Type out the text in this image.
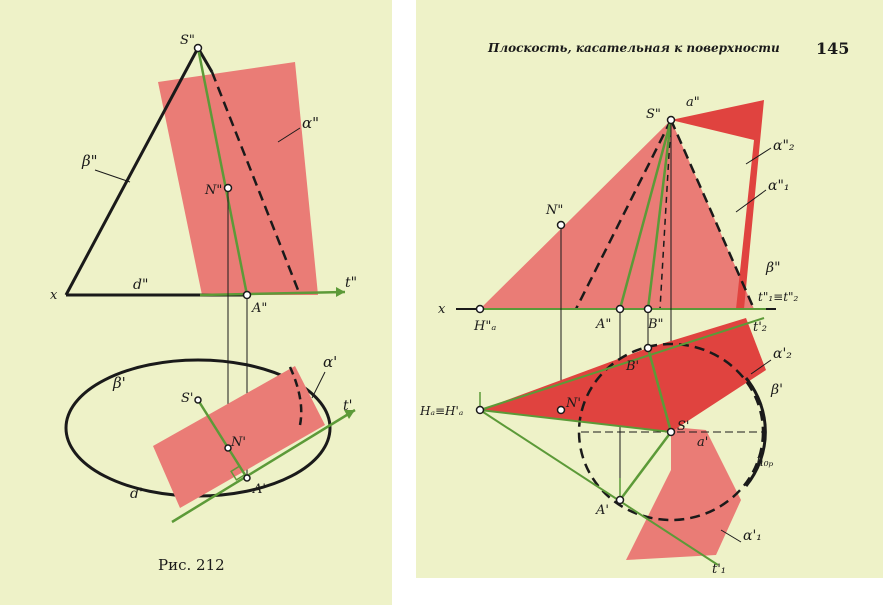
S"
α"
β"
N"
x
d"	t"
A"
β'
α'
S'	t'
N'
A'
d'
Рис. 212
Плоскость, касательная к поверхности 145
S"
a"
α"₂
α"₁
N"
β"
x
t"₁≡t"₂
H"ₐ	A"	B"	t'₂
α'₂
B'
β'
Hₐ≡H'ₐ	N'
S'
a'
h₀ₚ
A'
α'₁
t'₁
